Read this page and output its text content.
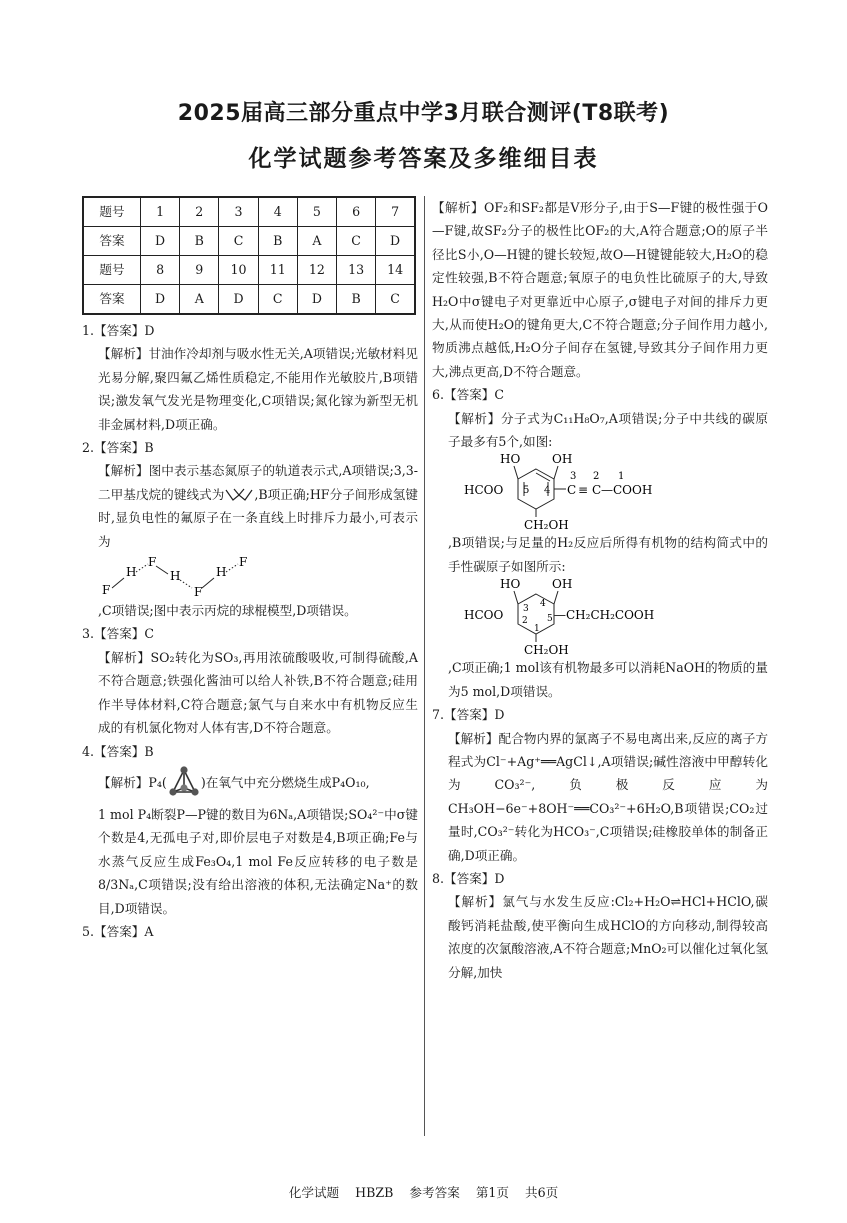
2025届高三部分重点中学3月联合测评(T8联考)
化学试题参考答案及多维细目表
题号	1	2	3	4	5	6	7
答案	D	B	C	B	A	C	D
题号	8	9	10	11	12	13	14
答案	D	A	D	C	D	B	C

1.【答案】D

【解析】甘油作冷却剂与吸水性无关,A项错误;光敏材料见光易分解,聚四氟乙烯性质稳定,不能用作光敏胶片,B项错误;激发氧气发光是物理变化,C项错误;氮化镓为新型无机非金属材料,D项正确。

2.【答案】B

【解析】图中表示基态氮原子的轨道表示式,A项错误;3,3-二甲基戊烷的键线式为 ,B项正确;HF分子间形成氢键时,显负电性的氟原子在一条直线上时排斥力最小,可表示为

F
H
F
H
F
H
F

,C项错误;图中表示丙烷的球棍模型,D项错误。

3.【答案】C

【解析】SO₂转化为SO₃,再用浓硫酸吸收,可制得硫酸,A不符合题意;铁强化酱油可以给人补铁,B不符合题意;硅用作半导体材料,C符合题意;氯气与自来水中有机物反应生成的有机氯化物对人体有害,D不符合题意。

4.【答案】B

【解析】P₄(	)在氧气中充分燃烧生成P₄O₁₀,

1 mol P₄断裂P—P键的数目为6Nₐ,A项错误;SO₄²⁻中σ键个数是4,无孤电子对,即价层电子对数是4,B项正确;Fe与水蒸气反应生成Fe₃O₄,1 mol Fe反应转移的电子数是8/3Nₐ,C项错误;没有给出溶液的体积,无法确定Na⁺的数目,D项错误。

5.【答案】A

【解析】OF₂和SF₂都是V形分子,由于S—F键的极性强于O—F键,故SF₂分子的极性比OF₂的大,A符合题意;O的原子半径比S小,O—H键的键长较短,故O—H键键能较大,H₂O的稳定性较强,B不符合题意;氧原子的电负性比硫原子的大,导致H₂O中σ键电子对更靠近中心原子,σ键电子对间的排斥力更大,从而使H₂O的键角更大,C不符合题意;分子间作用力越小,物质沸点越低,H₂O分子间存在氢键,导致其分子间作用力更大,沸点更高,D不符合题意。

6.【答案】C

【解析】分子式为C₁₁H₈O₇,A项错误;分子中共线的碳原子最多有5个,如图:

HO	OH
HCOO 5 4
3 2 1
C ≡ C —COOH
CH₂OH

,B项错误;与足量的H₂反应后所得有机物的结构简式中的手性碳原子如图所示:

HO	OH
HCOO 3 4
2 5
1
—CH₂CH₂COOH
CH₂OH

,C项正确;1 mol该有机物最多可以消耗NaOH的物质的量为5 mol,D项错误。

7.【答案】D

【解析】配合物内界的氯离子不易电离出来,反应的离子方程式为Cl⁻+Ag⁺══AgCl↓,A项错误;碱性溶液中甲醇转化为CO₃²⁻,负极反应为CH₃OH−6e⁻+8OH⁻══CO₃²⁻+6H₂O,B项错误;CO₂过量时,CO₃²⁻转化为HCO₃⁻,C项错误;硅橡胶单体的制备正确,D项正确。

8.【答案】D

【解析】氯气与水发生反应:Cl₂+H₂O⇌HCl+HClO,碳酸钙消耗盐酸,使平衡向生成HClO的方向移动,制得较高浓度的次氯酸溶液,A不符合题意;MnO₂可以催化过氧化氢分解,加快

化学试题 HBZB 参考答案 第1页 共6页
